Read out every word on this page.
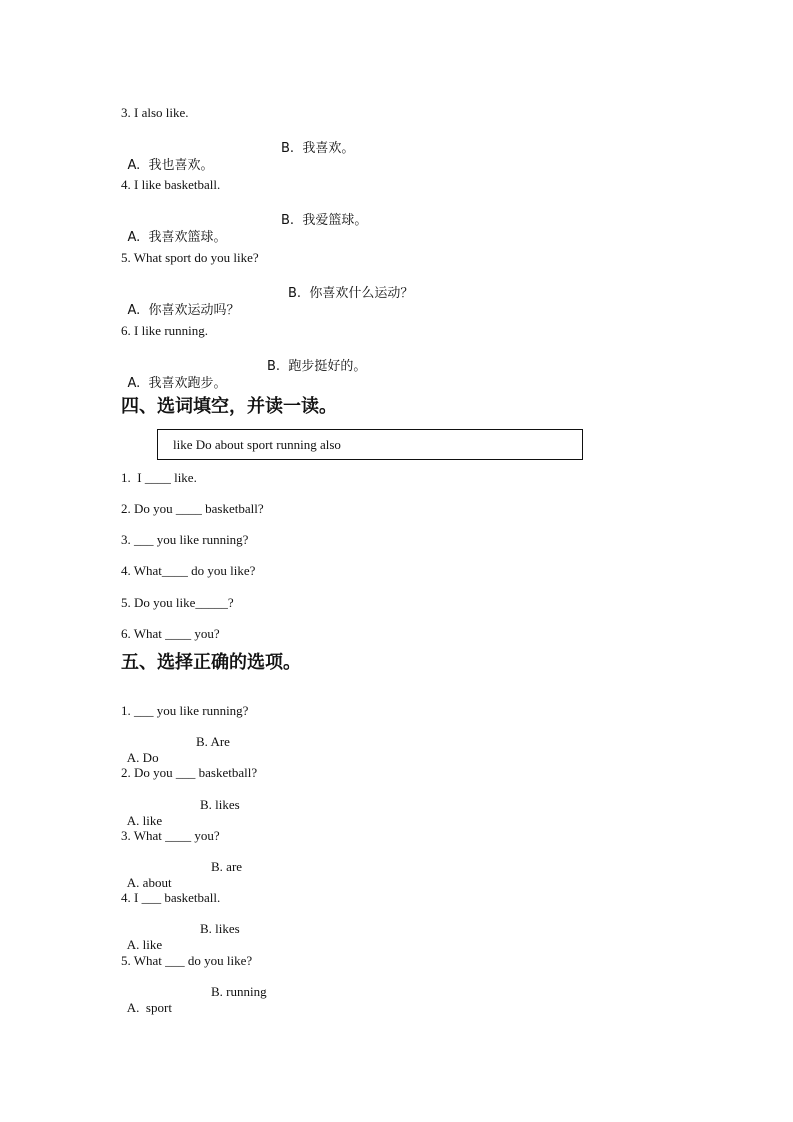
3. I also like.

A.  我也喜欢。

B.  我喜欢。

4. I like basketball.

A.  我喜欢篮球。

B.  我爱篮球。

5. What sport do you like?

A.  你喜欢运动吗？

B.  你喜欢什么运动？

6. I like running.

A.  我喜欢跑步。

B.  跑步挺好的。

四、选词填空，并读一读。
like Do about sport running also
1.  I ____ like.
2. Do you ____ basketball?
3. ___ you like running?
4. What____ do you like?
5. Do you like_____?
6. What ____ you?
五、选择正确的选项。
1. ___ you like running?

A. Do

B. Are

2. Do you ___ basketball?

A. like

B. likes

3. What ____ you?

A. about

B. are

4. I ___ basketball.

A. like

B. likes

5. What ___ do you like?

A.  sport

B. running
